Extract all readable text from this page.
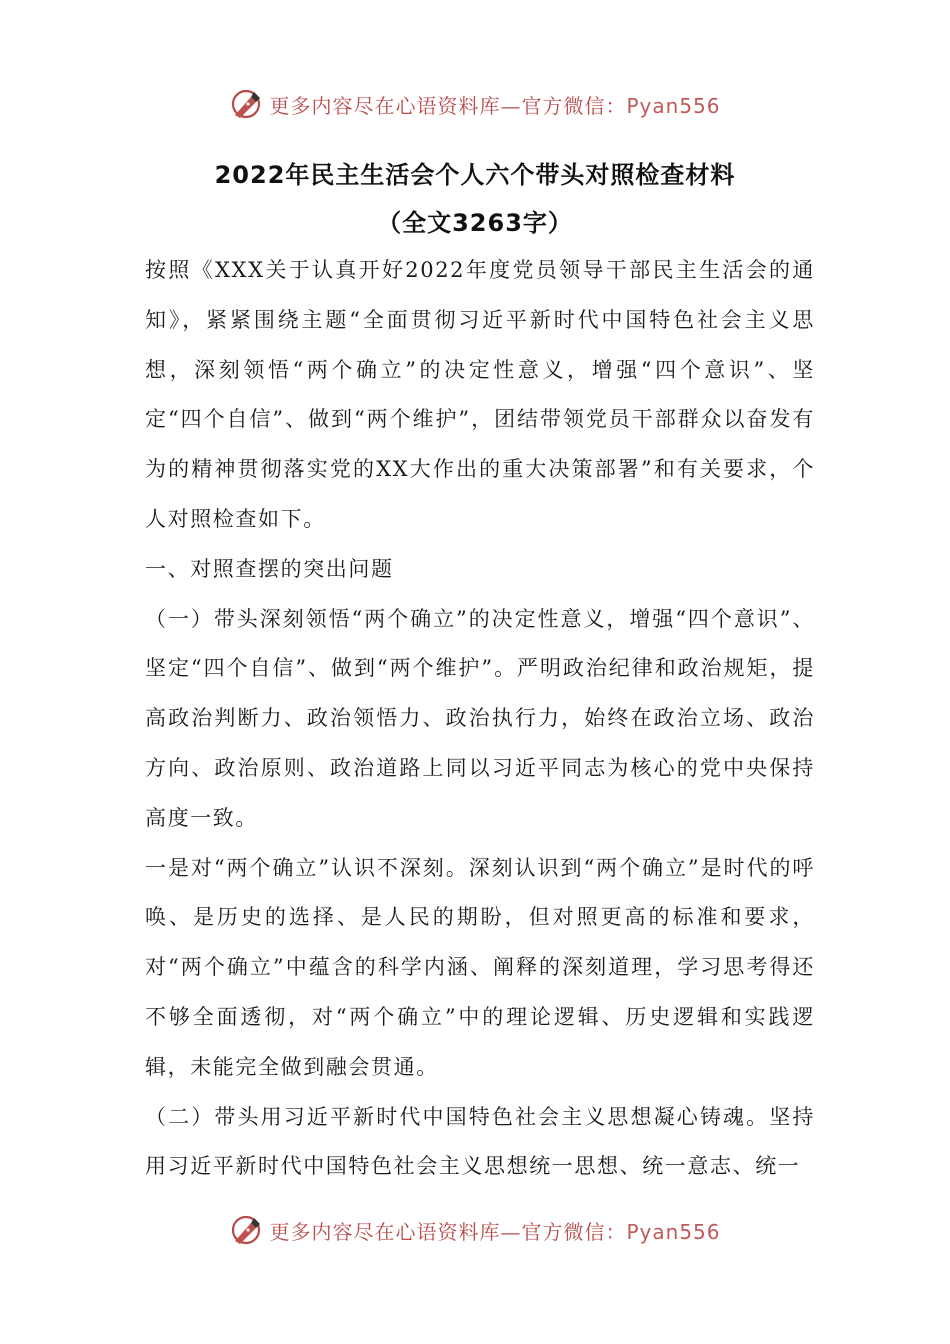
更多内容尽在心语资料库—官方微信：Pyan556
2022年民主生活会个人六个带头对照检查材料
（全文3263字）

按照《XXX关于认真开好2022年度党员领导干部民主生活会的通知》，紧紧围绕主题“全面贯彻习近平新时代中国特色社会主义思想，深刻领悟“两个确立”的决定性意义，增强“四个意识”、坚定“四个自信”、做到“两个维护”，团结带领党员干部群众以奋发有为的精神贯彻落实党的XX大作出的重大决策部署”和有关要求，个人对照检查如下。

一、对照查摆的突出问题

（一）带头深刻领悟“两个确立”的决定性意义，增强“四个意识”、坚定“四个自信”、做到“两个维护”。严明政治纪律和政治规矩，提高政治判断力、政治领悟力、政治执行力，始终在政治立场、政治方向、政治原则、政治道路上同以习近平同志为核心的党中央保持高度一致。

一是对“两个确立”认识不深刻。深刻认识到“两个确立”是时代的呼唤、是历史的选择、是人民的期盼，但对照更高的标准和要求，对“两个确立”中蕴含的科学内涵、阐释的深刻道理，学习思考得还不够全面透彻，对“两个确立”中的理论逻辑、历史逻辑和实践逻辑，未能完全做到融会贯通。

（二）带头用习近平新时代中国特色社会主义思想凝心铸魂。坚持用习近平新时代中国特色社会主义思想统一思想、统一意志、统一

更多内容尽在心语资料库—官方微信：Pyan556
